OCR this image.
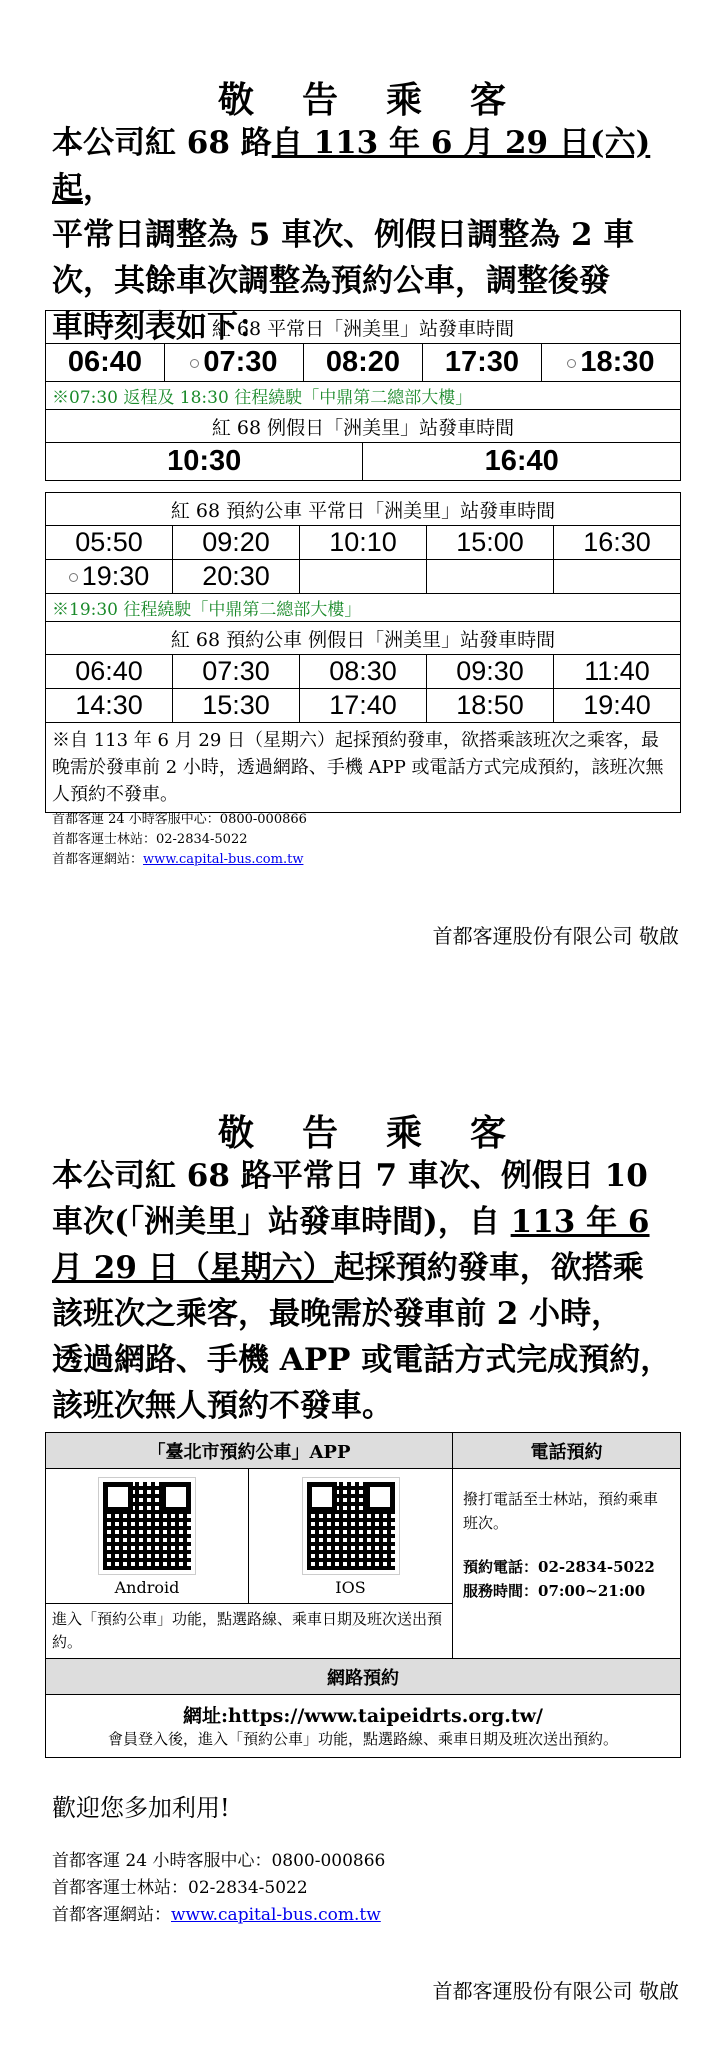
敬告乘客
本公司紅 68 路自 113 年 6 月 29 日(六)起，
平常日調整為 5 車次、例假日調整為 2 車
次，其餘車次調整為預約公車，調整後發
車時刻表如下：
紅 68 平常日「洲美里」站發車時間					
06:40	07:30	08:20		17:30	18:30
※07:30 返程及 18:30 往程繞駛「中鼎第二總部大樓」					
紅 68 例假日「洲美里」站發車時間					
10:30			16:40		
紅 68 預約公車 平常日「洲美里」站發車時間				
05:50	09:20	10:10	15:00	16:30
19:30	20:30			
※19:30 往程繞駛「中鼎第二總部大樓」				
紅 68 預約公車 例假日「洲美里」站發車時間				
06:40	07:30	08:30	09:30	11:40
14:30	15:30	17:40	18:50	19:40
※自 113 年 6 月 29 日（星期六）起採預約發車，欲搭乘該班次之乘客，最晚需於發車前 2 小時，透過網路、手機 APP 或電話方式完成預約，該班次無人預約不發車。				
首都客運 24 小時客服中心：0800-000866
首都客運士林站：02-2834-5022
首都客運網站：www.capital-bus.com.tw
首都客運股份有限公司 敬啟
敬告乘客
本公司紅 68 路平常日 7 車次、例假日 10
車次(「洲美里」站發車時間)，自 113 年 6
月 29 日（星期六）起採預約發車，欲搭乘
該班次之乘客，最晚需於發車前 2 小時，
透過網路、手機 APP 或電話方式完成預約，
該班次無人預約不發車。
「臺北市預約公車」APP		電話預約

Android	IOS	撥打電話至士林站，預約乘車班次。
預約電話：02-2834-5022
服務時間：07:00~21:00

進入「預約公車」功能，點選路線、乘車日期及班次送出預約。		
網路預約		

網址:https://www.taipeidrts.org.tw/
會員登入後，進入「預約公車」功能，點選路線、乘車日期及班次送出預約。		
歡迎您多加利用!
首都客運 24 小時客服中心：0800-000866
首都客運士林站：02-2834-5022
首都客運網站：www.capital-bus.com.tw
首都客運股份有限公司 敬啟
